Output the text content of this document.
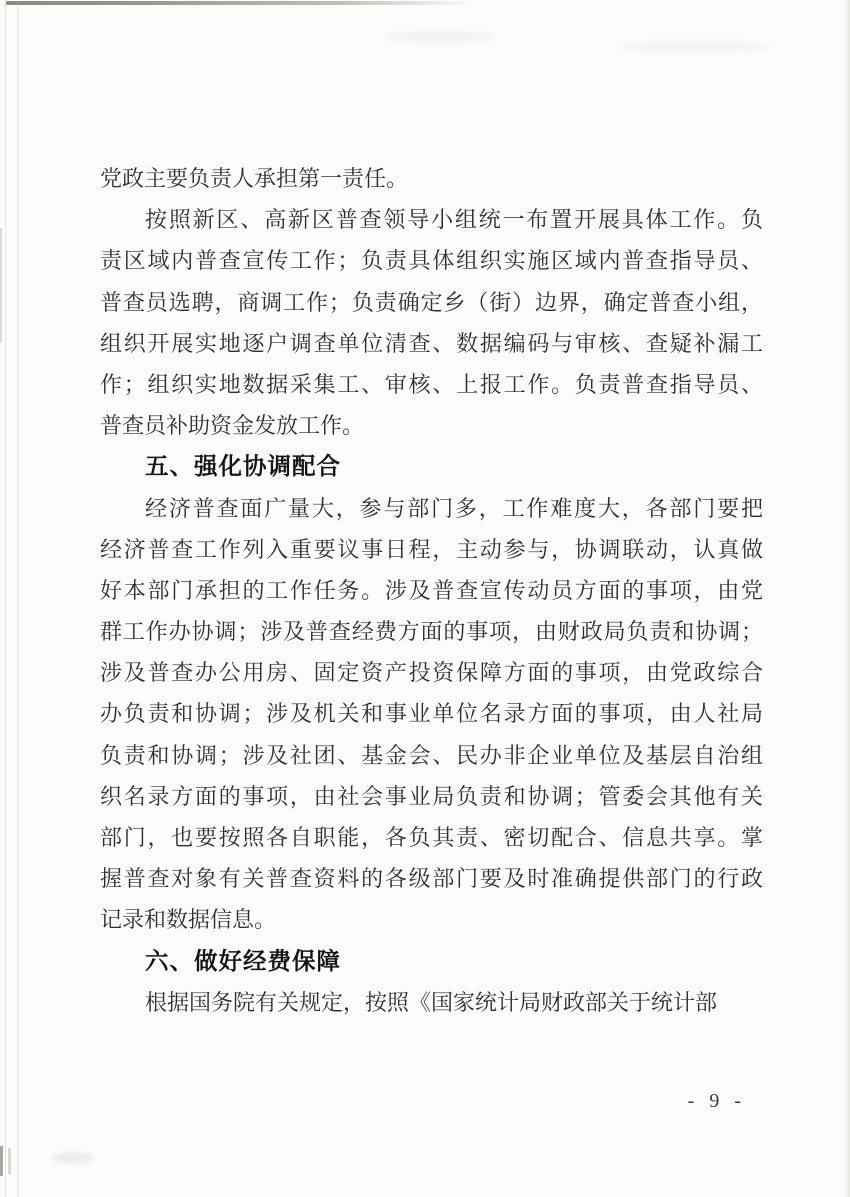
党政主要负责人承担第一责任。
按照新区、高新区普查领导小组统一布置开展具体工作。负
责区域内普查宣传工作；负责具体组织实施区域内普查指导员、
普查员选聘，商调工作；负责确定乡（街）边界，确定普查小组，
组织开展实地逐户调查单位清查、数据编码与审核、查疑补漏工
作；组织实地数据采集工、审核、上报工作。负责普查指导员、
普查员补助资金发放工作。
五、强化协调配合
经济普查面广量大，参与部门多，工作难度大，各部门要把
经济普查工作列入重要议事日程，主动参与，协调联动，认真做
好本部门承担的工作任务。涉及普查宣传动员方面的事项，由党
群工作办协调；涉及普查经费方面的事项，由财政局负责和协调；
涉及普查办公用房、固定资产投资保障方面的事项，由党政综合
办负责和协调；涉及机关和事业单位名录方面的事项，由人社局
负责和协调；涉及社团、基金会、民办非企业单位及基层自治组
织名录方面的事项，由社会事业局负责和协调；管委会其他有关
部门，也要按照各自职能，各负其责、密切配合、信息共享。掌
握普查对象有关普查资料的各级部门要及时准确提供部门的行政
记录和数据信息。
六、做好经费保障
根据国务院有关规定，按照《国家统计局财政部关于统计部
- 9 -
